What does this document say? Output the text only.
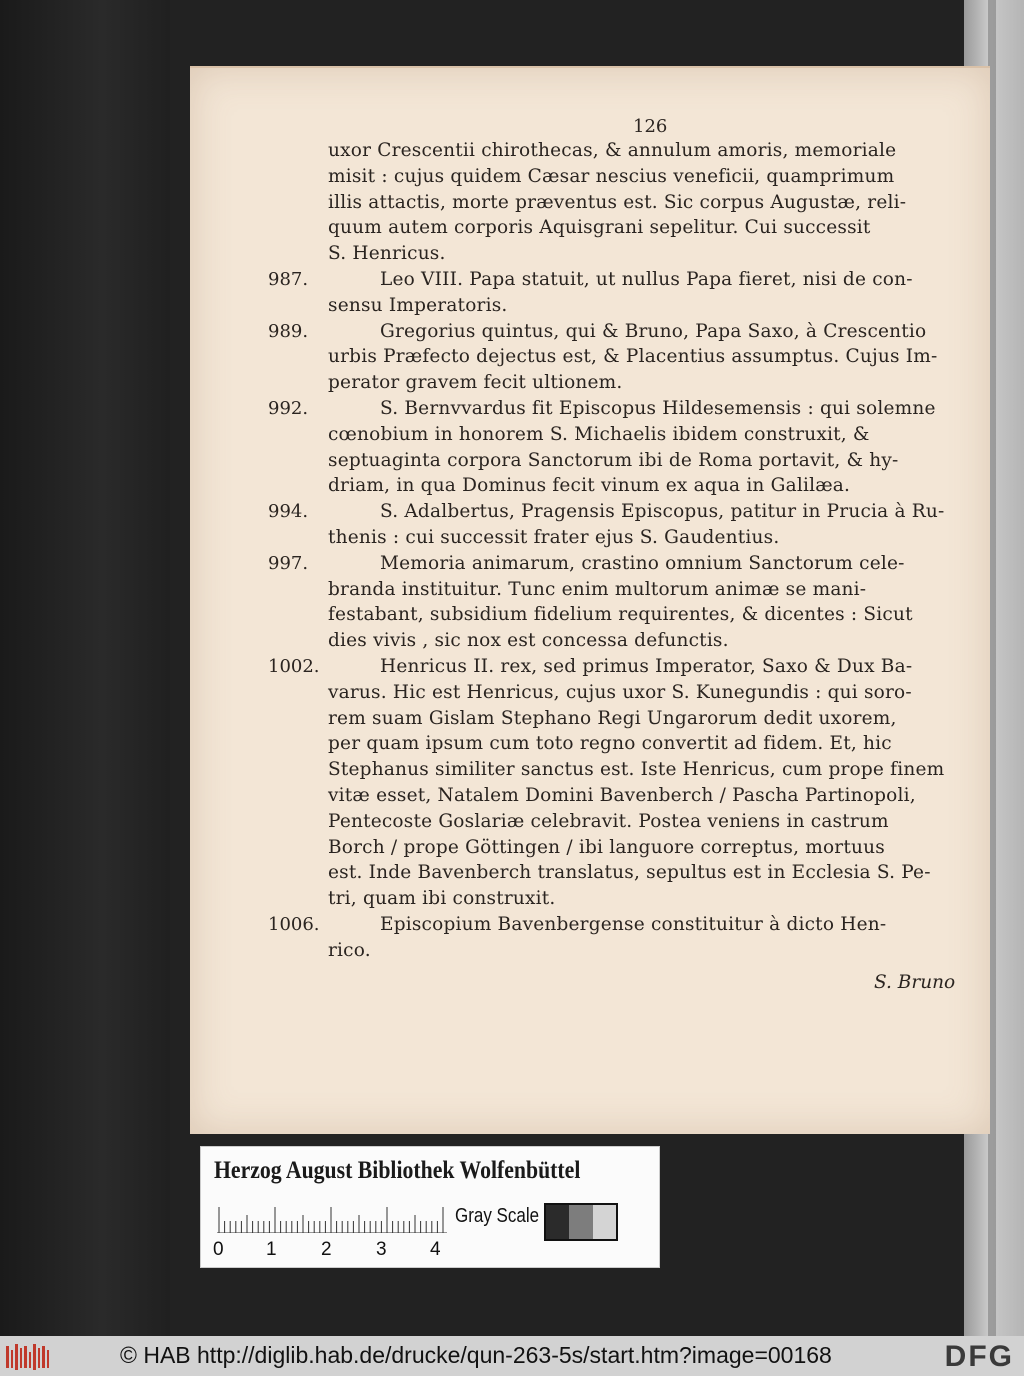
126
uxor Crescentii chirothecas, & annulum amoris, memoriale
misit : cujus quidem Cæsar nescius veneficii, quamprimum
illis attactis, morte præventus est. Sic corpus Augustæ, reli-
quum autem corporis Aquisgrani sepelitur. Cui successit
S. Henricus.
987.	Leo VIII. Papa statuit, ut nullus Papa fieret, nisi de con-
sensu Imperatoris.
989.	Gregorius quintus, qui & Bruno, Papa Saxo, à Crescentio
urbis Præfecto dejectus est, & Placentius assumptus. Cujus Im-
perator gravem fecit ultionem.
992.	S. Bernvvardus fit Episcopus Hildesemensis : qui solemne
cœnobium in honorem S. Michaelis ibidem construxit, &
septuaginta corpora Sanctorum ibi de Roma portavit, & hy-
driam, in qua Dominus fecit vinum ex aqua in Galilæa.
994.	S. Adalbertus, Pragensis Episcopus, patitur in Prucia à Ru-
thenis : cui successit frater ejus S. Gaudentius.
997.	Memoria animarum, crastino omnium Sanctorum cele-
branda instituitur. Tunc enim multorum animæ se mani-
festabant, subsidium fidelium requirentes, & dicentes : Sicut
dies vivis , sic nox est concessa defunctis.
1002.	Henricus II. rex, sed primus Imperator, Saxo & Dux Ba-
varus. Hic est Henricus, cujus uxor S. Kunegundis : qui soro-
rem suam Gislam Stephano Regi Ungarorum dedit uxorem,
per quam ipsum cum toto regno convertit ad fidem. Et, hic
Stephanus similiter sanctus est. Iste Henricus, cum prope finem
vitæ esset, Natalem Domini Bavenberch / Pascha Partinopoli,
Pentecoste Goslariæ celebravit. Postea veniens in castrum
Borch / prope Göttingen / ibi languore correptus, mortuus
est. Inde Bavenberch translatus, sepultus est in Ecclesia S. Pe-
tri, quam ibi construxit.
1006.	Episcopium Bavenbergense constituitur à dicto Hen-
rico.
S. Bruno
Herzog August Bibliothek Wolfenbüttel
0 1 2 3 4
Gray Scale
© HAB http://diglib.hab.de/drucke/qun-263-5s/start.htm?image=00168	DFG
